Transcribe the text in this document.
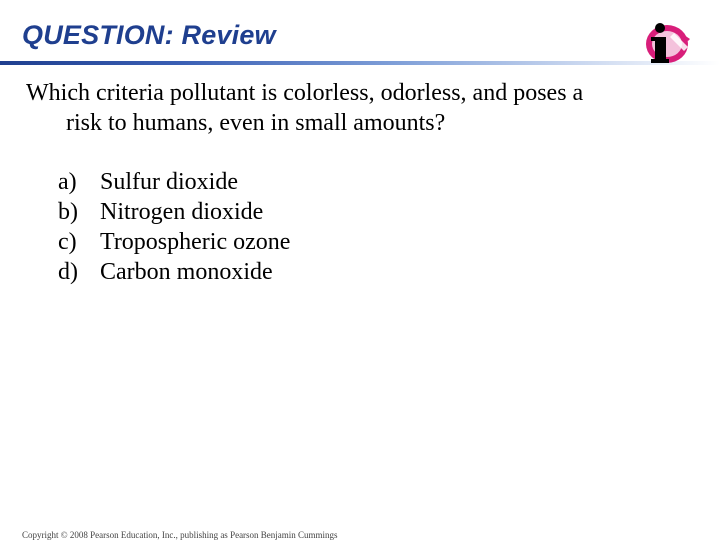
QUESTION: Review
Which criteria pollutant is colorless, odorless, and poses a
risk to humans, even in small amounts?
a) Sulfur dioxide
b) Nitrogen dioxide
c) Tropospheric ozone
d) Carbon monoxide
Copyright © 2008 Pearson Education, Inc., publishing as Pearson Benjamin Cummings
